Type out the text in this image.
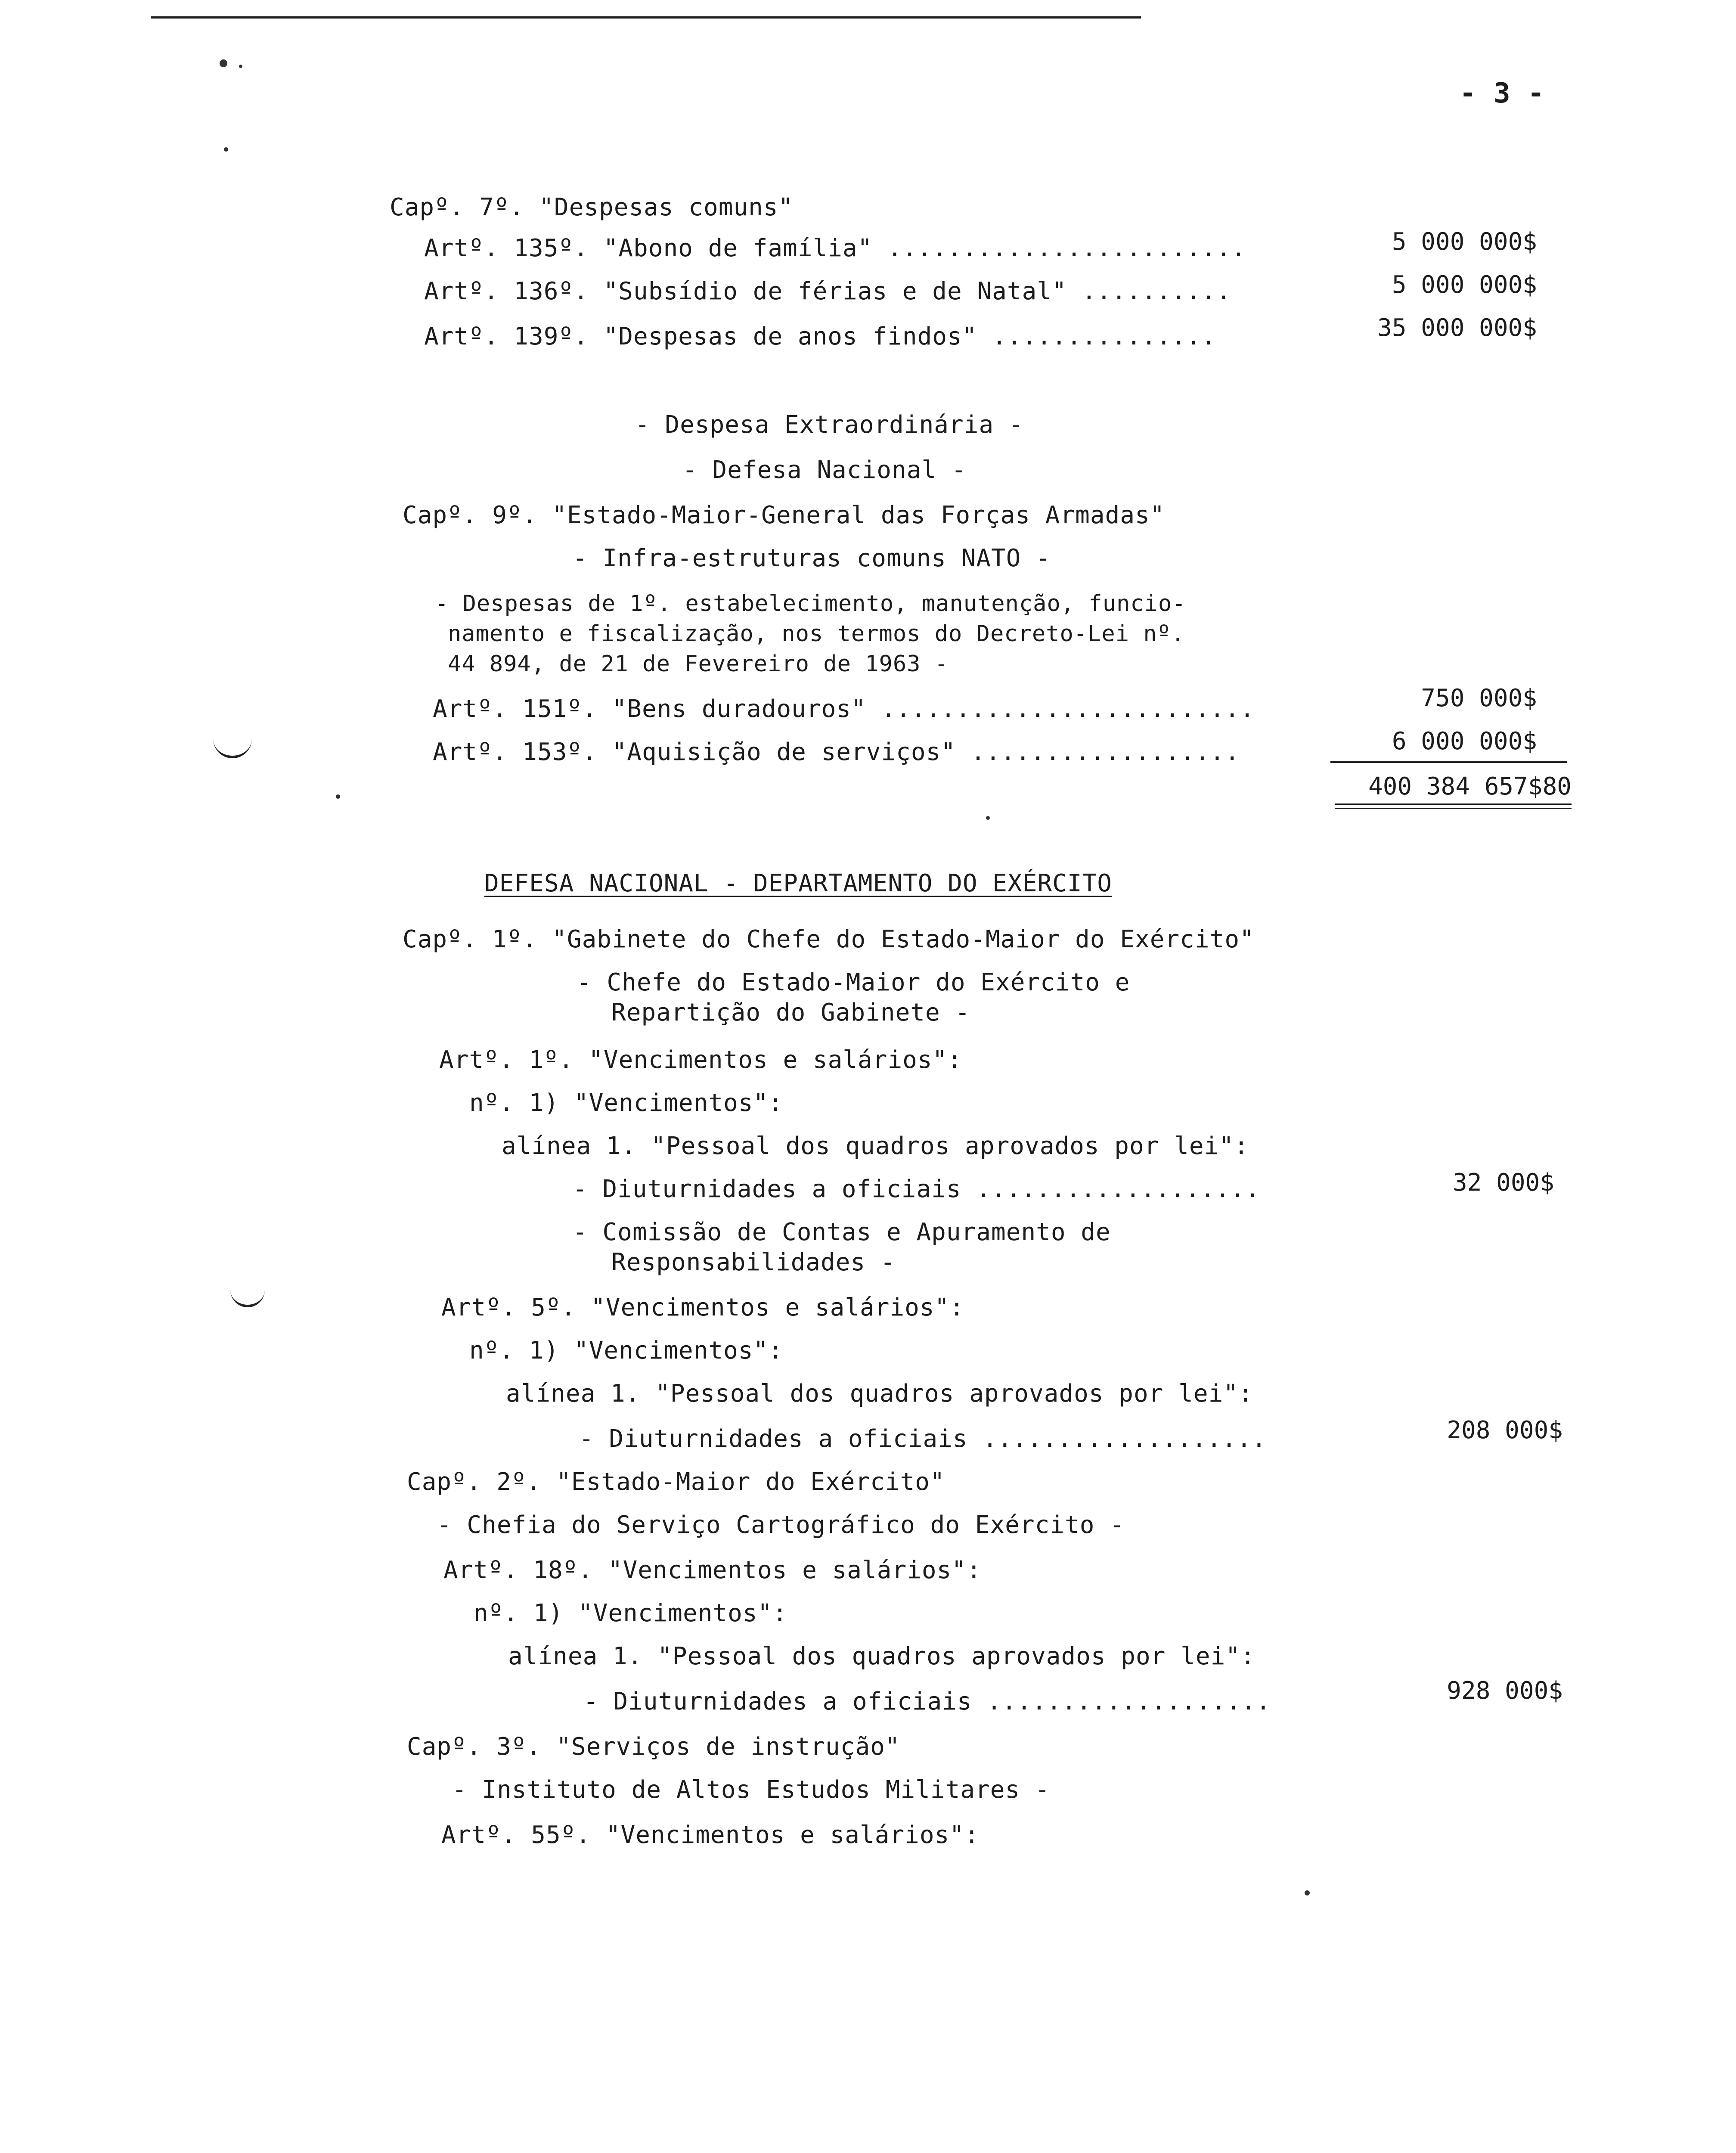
- 3 -
Capº. 7º. "Despesas comuns"
Artº. 135º. "Abono de família" ........................	5 000 000$
Artº. 136º. "Subsídio de férias e de Natal" ..........	5 000 000$
Artº. 139º. "Despesas de anos findos" ...............	35 000 000$
- Despesa Extraordinária -
- Defesa Nacional -
Capº. 9º. "Estado-Maior-General das Forças Armadas"
- Infra-estruturas comuns NATO -
- Despesas de 1º. estabelecimento, manutenção, funcio-
namento e fiscalização, nos termos do Decreto-Lei nº.
44 894, de 21 de Fevereiro de 1963 -
Artº. 151º. "Bens duradouros" .........................	750 000$
Artº. 153º. "Aquisição de serviços" ..................	6 000 000$
400 384 657$80
DEFESA NACIONAL - DEPARTAMENTO DO EXÉRCITO
Capº. 1º. "Gabinete do Chefe do Estado-Maior do Exército"
- Chefe do Estado-Maior do Exército e
Repartição do Gabinete -
Artº. 1º. "Vencimentos e salários":
nº. 1) "Vencimentos":
alínea 1. "Pessoal dos quadros aprovados por lei":
- Diuturnidades a oficiais ...................	32 000$
- Comissão de Contas e Apuramento de
Responsabilidades -
Artº. 5º. "Vencimentos e salários":
nº. 1) "Vencimentos":
alínea 1. "Pessoal dos quadros aprovados por lei":
- Diuturnidades a oficiais ...................	208 000$
Capº. 2º. "Estado-Maior do Exército"
- Chefia do Serviço Cartográfico do Exército -
Artº. 18º. "Vencimentos e salários":
nº. 1) "Vencimentos":
alínea 1. "Pessoal dos quadros aprovados por lei":
- Diuturnidades a oficiais ...................	928 000$
Capº. 3º. "Serviços de instrução"
- Instituto de Altos Estudos Militares -
Artº. 55º. "Vencimentos e salários":
